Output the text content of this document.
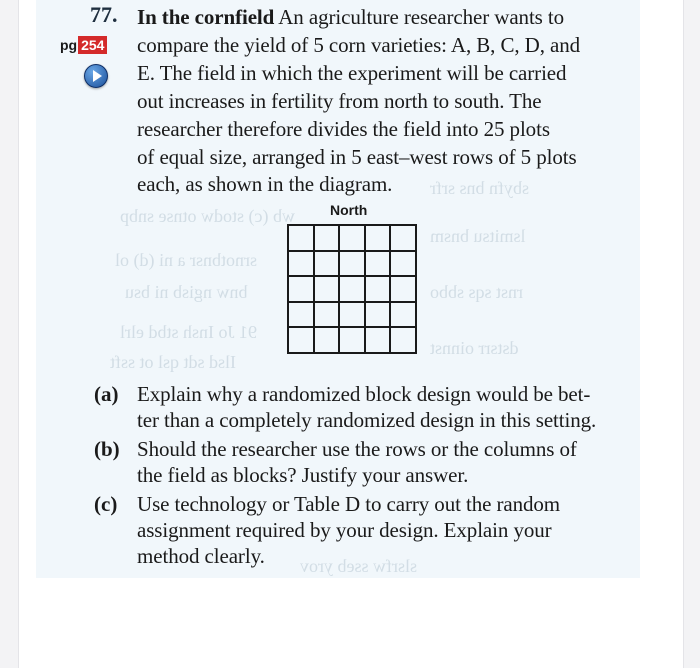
wb (c) stodw otnse snbp
srnotbnsr a ni (d) ol
bnw ngisb ni bsu
91 Jo Insh stbd elrl
Ilsd sdt qsl ot ssft
sbyfn bns srfr
lsmitsu bnsm
rnst sqs sbbo
dstsrr oinnst
slsrfw sseb yrov
77.
pg 254
In the cornfield An agriculture researcher wants to
compare the yield of 5 corn varieties: A, B, C, D, and
E. The field in which the experiment will be carried
out increases in fertility from north to south. The
researcher therefore divides the field into 25 plots
of equal size, arranged in 5 east–west rows of 5 plots
each, as shown in the diagram.
North
(a) Explain why a randomized block design would be bet-
ter than a completely randomized design in this setting.
(b) Should the researcher use the rows or the columns of
the field as blocks? Justify your answer.
(c) Use technology or Table D to carry out the random
assignment required by your design. Explain your
method clearly.
